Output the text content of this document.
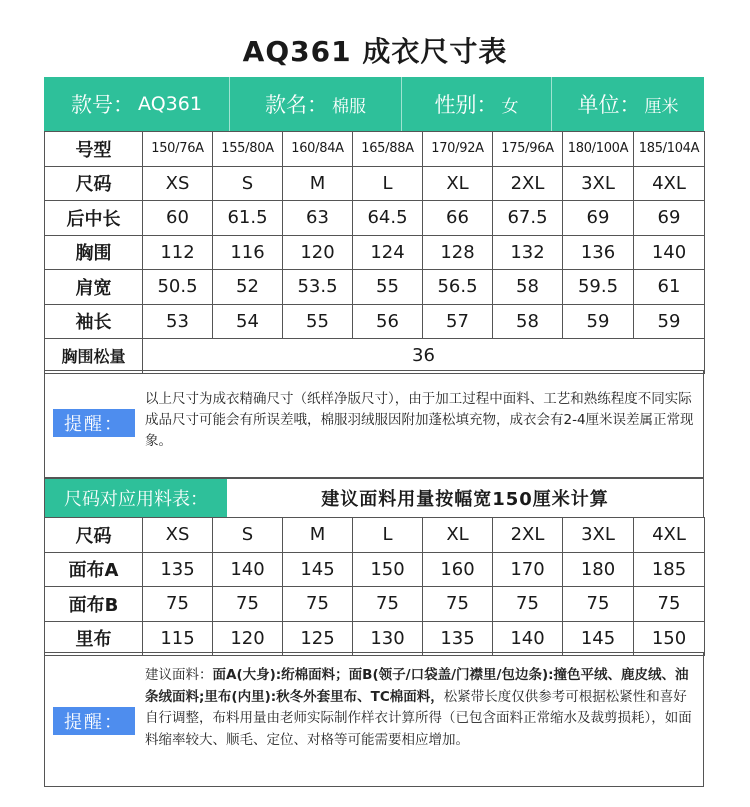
AQ361 成衣尺寸表
款号： AQ361	款名： 棉服	性别： 女	单位： 厘米
号型	150/76A	155/80A	160/84A	165/88A	170/92A	175/96A	180/100A	185/104A
尺码	XS	S	M	L	XL	2XL	3XL	4XL
后中长	60	61.5	63	64.5	66	67.5	69	69
胸围	112	116	120	124	128	132	136	140
肩宽	50.5	52	53.5	55	56.5	58	59.5	61
袖长	53	54	55	56	57	58	59	59
胸围松量	36							
提醒：
以上尺寸为成衣精确尺寸（纸样净版尺寸），由于加工过程中面料、工艺和熟练程度不同实际成品尺寸可能会有所误差哦，棉服羽绒服因附加蓬松填充物，成衣会有2-4厘米误差属正常现象。
尺码对应用料表：	建议面料用量按幅宽150厘米计算
尺码	XS	S	M	L	XL	2XL	3XL	4XL
面布A	135	140	145	150	160	170	180	185
面布B	75	75	75	75	75	75	75	75
里布	115	120	125	130	135	140	145	150
提醒：
建议面料：面A(大身):绗棉面料；面B(领子/口袋盖/门襟里/包边条):撞色平绒、鹿皮绒、油条绒面料;里布(内里):秋冬外套里布、TC棉面料，松紧带长度仅供参考可根据松紧性和喜好自行调整，布料用量由老师实际制作样衣计算所得（已包含面料正常缩水及裁剪损耗），如面料缩率较大、顺毛、定位、对格等可能需要相应增加。
